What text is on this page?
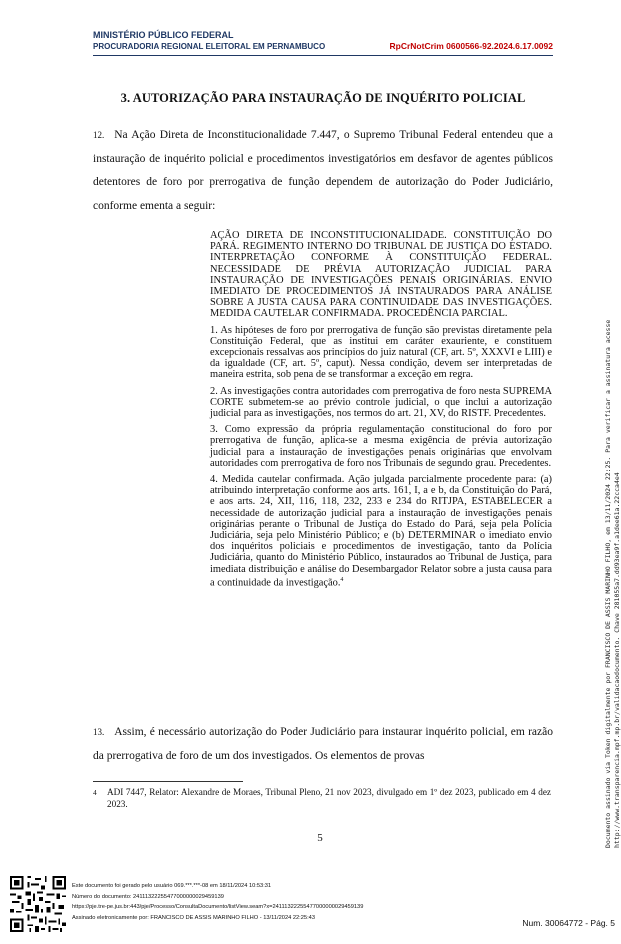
MINISTÉRIO PÚBLICO FEDERAL
PROCURADORIA REGIONAL ELEITORAL EM PERNAMBUCO	RpCrNotCrim 0600566-92.2024.6.17.0092
3. AUTORIZAÇÃO PARA INSTAURAÇÃO DE INQUÉRITO POLICIAL
12. Na Ação Direta de Inconstitucionalidade 7.447, o Supremo Tribunal Federal entendeu que a instauração de inquérito policial e procedimentos investigatórios em desfavor de agentes públicos detentores de foro por prerrogativa de função dependem de autorização do Poder Judiciário, conforme ementa a seguir:

AÇÃO DIRETA DE INCONSTITUCIONALIDADE. CONSTITUIÇÃO DO PARÁ. REGIMENTO INTERNO DO TRIBUNAL DE JUSTIÇA DO ESTADO. INTERPRETAÇÃO CONFORME À CONSTITUIÇÃO FEDERAL. NECESSIDADE DE PRÉVIA AUTORIZAÇÃO JUDICIAL PARA INSTAURAÇÃO DE INVESTIGAÇÕES PENAIS ORIGINÁRIAS. ENVIO IMEDIATO DE PROCEDIMENTOS JÁ INSTAURADOS PARA ANÁLISE SOBRE A JUSTA CAUSA PARA CONTINUIDADE DAS INVESTIGAÇÕES. MEDIDA CAUTELAR CONFIRMADA. PROCEDÊNCIA PARCIAL.

1. As hipóteses de foro por prerrogativa de função são previstas diretamente pela Constituição Federal, que as institui em caráter exauriente, e constituem excepcionais ressalvas aos princípios do juiz natural (CF, art. 5º, XXXVI e LIII) e da igualdade (CF, art. 5º, caput). Nessa condição, devem ser interpretadas de maneira estrita, sob pena de se transformar a exceção em regra.

2. As investigações contra autoridades com prerrogativa de foro nesta SUPREMA CORTE submetem-se ao prévio controle judicial, o que inclui a autorização judicial para as investigações, nos termos do art. 21, XV, do RISTF. Precedentes.

3. Como expressão da própria regulamentação constitucional do foro por prerrogativa de função, aplica-se a mesma exigência de prévia autorização judicial para a instauração de investigações penais originárias que envolvam autoridades com prerrogativa de foro nos Tribunais de segundo grau. Precedentes.

4. Medida cautelar confirmada. Ação julgada parcialmente procedente para: (a) atribuindo interpretação conforme aos arts. 161, I, a e b, da Constituição do Pará, e aos arts. 24, XII, 116, 118, 232, 233 e 234 do RITJPA, ESTABELECER a necessidade de autorização judicial para a instauração de investigações penais originárias perante o Tribunal de Justiça do Estado do Pará, seja pela Polícia Judiciária, seja pelo Ministério Público; e (b) DETERMINAR o imediato envio dos inquéritos policiais e procedimentos de investigação, tanto da Polícia Judiciária, quanto do Ministério Público, instaurados ao Tribunal de Justiça, para imediata distribuição e análise do Desembargador Relator sobre a justa causa para a continuidade da investigação.$^4$

13. Assim, é necessário autorização do Poder Judiciário para instaurar inquérito policial, em razão da prerrogativa de foro de um dos investigados. Os elementos de provas
4 ADI 7447, Relator: Alexandre de Moraes, Tribunal Pleno, 21 nov 2023, divulgado em 1º dez 2023, publicado em 4 dez 2023.
5	Documento assinado via Token digitalmente por FRANCISCO DE ASSIS MARINHO FILHO, em 13/11/2024 22:25. Para verificar a assinatura acesse http://www.transparencia.mpf.mp.br/validacaodocumento. Chave 281055a7.dd93ea9f.a1dee61a.22cca4e4
Este documento foi gerado pelo usuário 069.***.***-08 em 18/11/2024 10:53:31
Número do documento: 24111322255477000000029459139
https://pje.tre-pe.jus.br:443/pje/Processo/ConsultaDocumento/listView.seam?x=24111322255477000000029459139
Assinado eletronicamente por: FRANCISCO DE ASSIS MARINHO FILHO - 13/11/2024 22:25:43
Num. 30064772 - Pág. 5
